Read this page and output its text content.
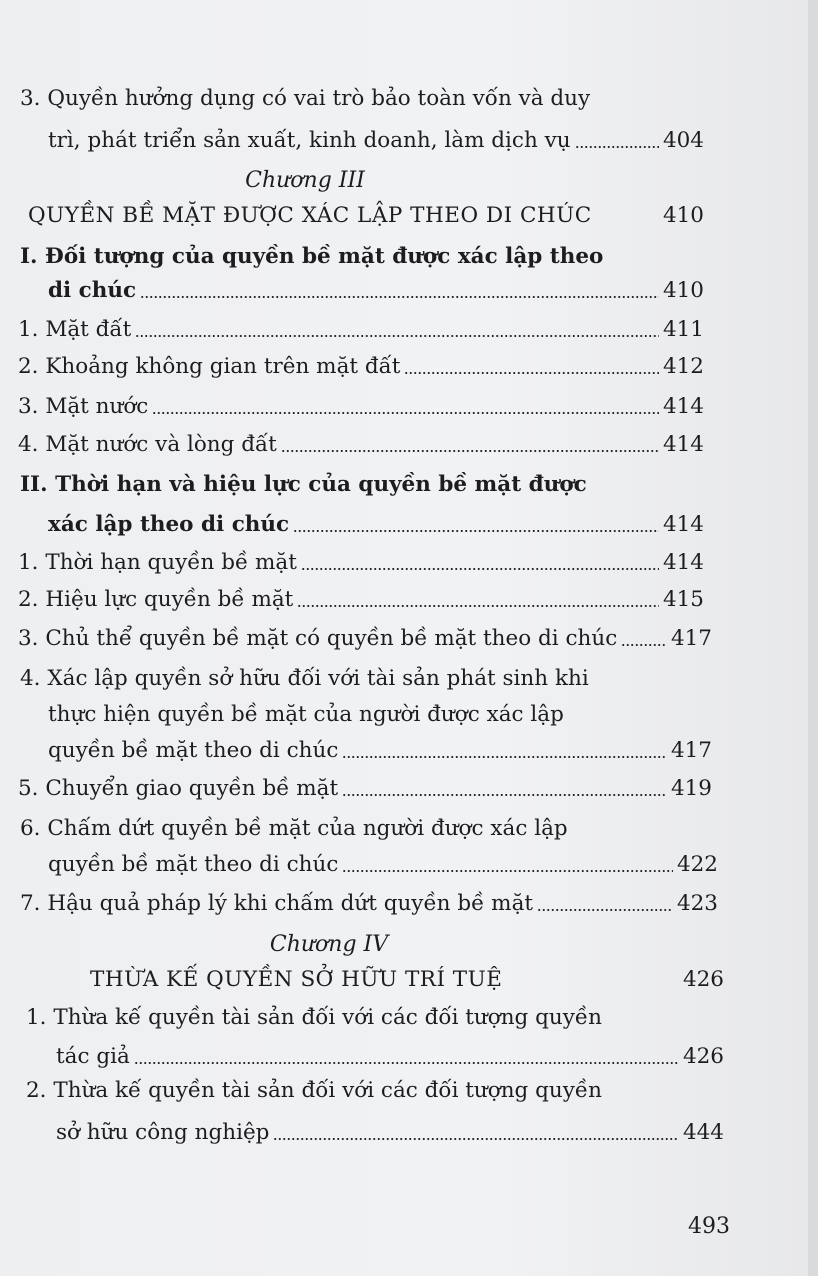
3. Quyền hưởng dụng có vai trò bảo toàn vốn và duy
trì, phát triển sản xuất, kinh doanh, làm dịch vụ	404
Chương III
QUYỀN BỀ MẶT ĐƯỢC XÁC LẬP THEO DI CHÚC	410
I. Đối tượng của quyền bề mặt được xác lập theo
di chúc	410
1. Mặt đất	411
2. Khoảng không gian trên mặt đất	412
3. Mặt nước	414
4. Mặt nước và lòng đất	414
II. Thời hạn và hiệu lực của quyền bề mặt được
xác lập theo di chúc	414
1. Thời hạn quyền bề mặt	414
2. Hiệu lực quyền bề mặt	415
3. Chủ thể quyền bề mặt có quyền bề mặt theo di chúc 417
4. Xác lập quyền sở hữu đối với tài sản phát sinh khi
thực hiện quyền bề mặt của người được xác lập
quyền bề mặt theo di chúc	417
5. Chuyển giao quyền bề mặt	419
6. Chấm dứt quyền bề mặt của người được xác lập
quyền bề mặt theo di chúc	422
7. Hậu quả pháp lý khi chấm dứt quyền bề mặt	423
Chương IV
THỪA KẾ QUYỀN SỞ HỮU TRÍ TUỆ	426
1. Thừa kế quyền tài sản đối với các đối tượng quyền
tác giả	426
2. Thừa kế quyền tài sản đối với các đối tượng quyền
sở hữu công nghiệp	444
493
